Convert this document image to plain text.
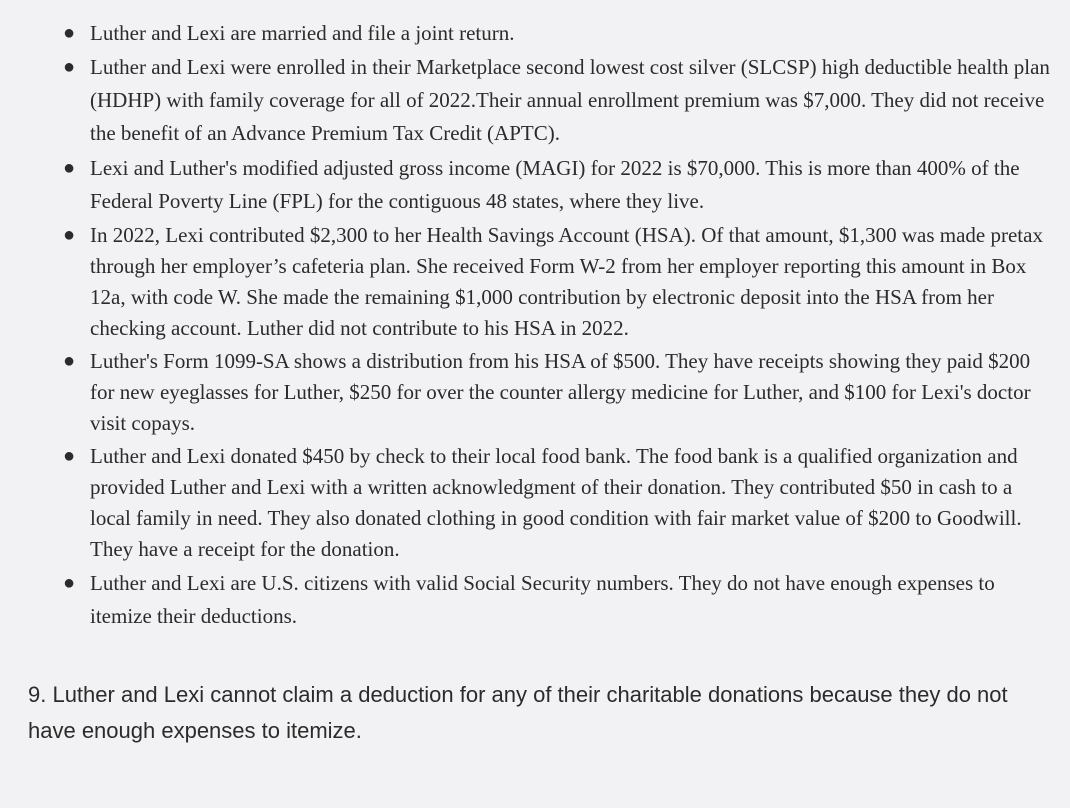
● Luther and Lexi are married and file a joint return.
● Luther and Lexi were enrolled in their Marketplace second lowest cost silver (SLCSP) high deductible health plan (HDHP) with family coverage for all of 2022.Their annual enrollment premium was $7,000. They did not receive the benefit of an Advance Premium Tax Credit (APTC).
● Lexi and Luther's modified adjusted gross income (MAGI) for 2022 is $70,000. This is more than 400% of the Federal Poverty Line (FPL) for the contiguous 48 states, where they live.
● In 2022, Lexi contributed $2,300 to her Health Savings Account (HSA). Of that amount, $1,300 was made pretax through her employer’s cafeteria plan. She received Form W-2 from her employer reporting this amount in Box 12a, with code W. She made the remaining $1,000 contribution by electronic deposit into the HSA from her checking account. Luther did not contribute to his HSA in 2022.
● Luther's Form 1099-SA shows a distribution from his HSA of $500. They have receipts showing they paid $200 for new eyeglasses for Luther, $250 for over the counter allergy medicine for Luther, and $100 for Lexi's doctor visit copays.
● Luther and Lexi donated $450 by check to their local food bank. The food bank is a qualified organization and provided Luther and Lexi with a written acknowledgment of their donation. They contributed $50 in cash to a local family in need. They also donated clothing in good condition with fair market value of $200 to Goodwill. They have a receipt for the donation.
● Luther and Lexi are U.S. citizens with valid Social Security numbers. They do not have enough expenses to itemize their deductions.

9. Luther and Lexi cannot claim a deduction for any of their charitable donations because they do not have enough expenses to itemize.
